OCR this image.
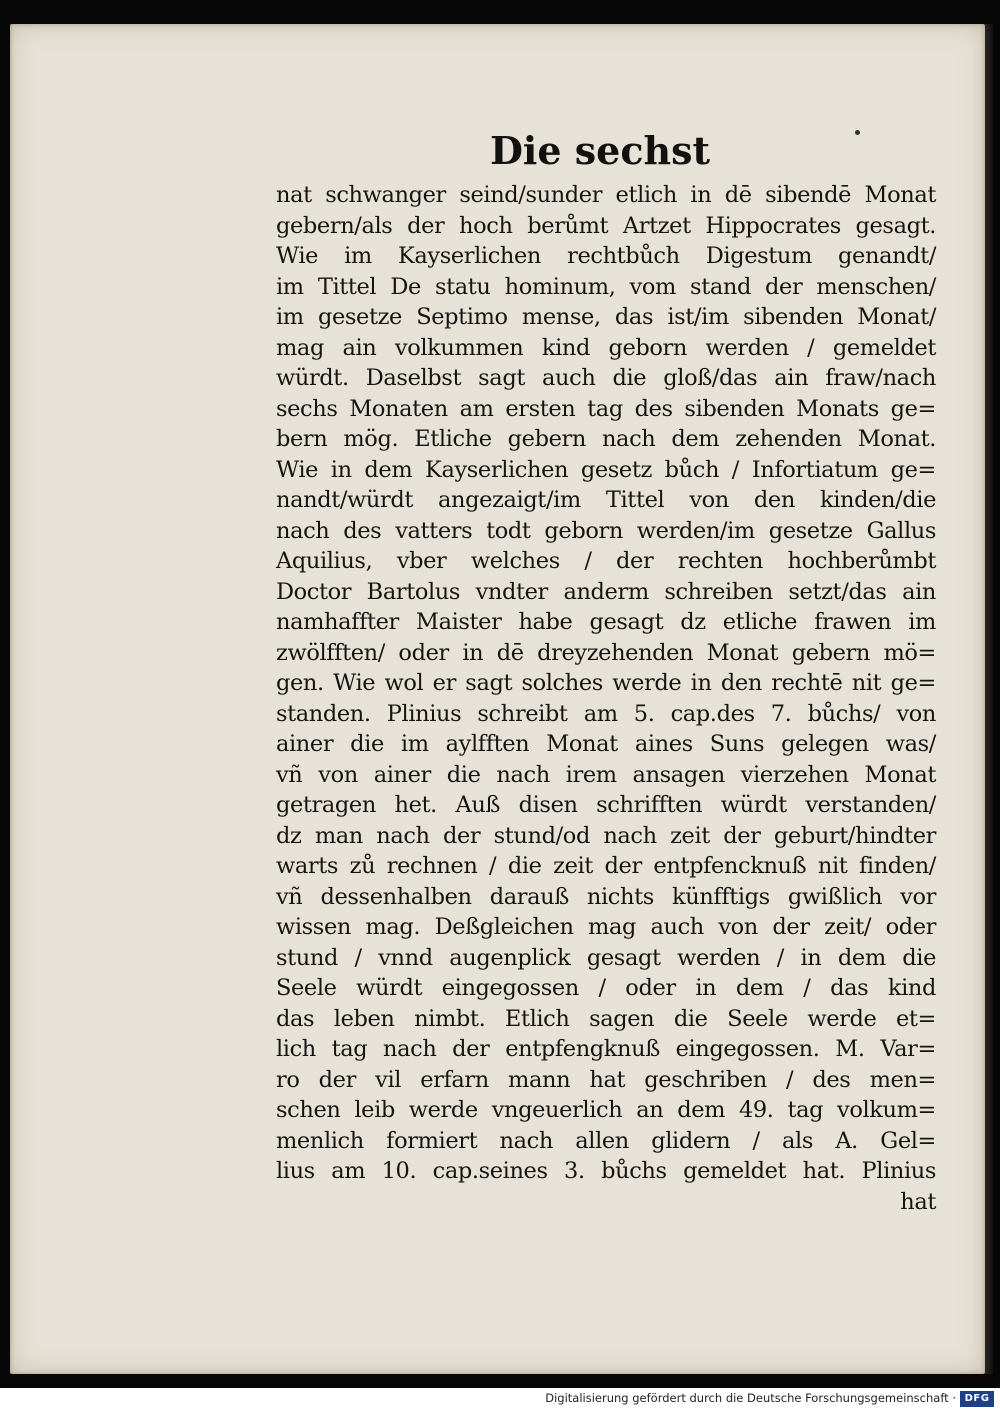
Die sechst
nat schwanger seind/sunder etlich in dē sibendē Monat
gebern/als der hoch berůmt Artzet Hippocrates gesagt.
Wie im Kayserlichen rechtbůch Digestum genandt/
im Tittel De statu hominum, vom stand der menschen/
im gesetze Septimo mense, das ist/im sibenden Monat/
mag ain volkummen kind geborn werden / gemeldet
würdt. Daselbst sagt auch die gloß/das ain fraw/nach
sechs Monaten am ersten tag des sibenden Monats ge=
bern mög. Etliche gebern nach dem zehenden Monat.
Wie in dem Kayserlichen gesetz bůch / Infortiatum ge=
nandt/würdt angezaigt/im Tittel von den kinden/die
nach des vatters todt geborn werden/im gesetze Gallus
Aquilius, vber welches / der rechten hochberůmbt
Doctor Bartolus vndter anderm schreiben setzt/das ain
namhaffter Maister habe gesagt dz etliche frawen im
zwölfften/ oder in dē dreyzehenden Monat gebern mö=
gen. Wie wol er sagt solches werde in den rechtē nit ge=
standen. Plinius schreibt am 5. cap.des 7. bůchs/ von
ainer die im aylfften Monat aines Suns gelegen was/
vñ von ainer die nach irem ansagen vierzehen Monat
getragen het. Auß disen schrifften würdt verstanden/
dz man nach der stund/od nach zeit der geburt/hindter
warts zů rechnen / die zeit der entpfencknuß nit finden/
vñ dessenhalben darauß nichts künfftigs gwißlich vor
wissen mag. Deßgleichen mag auch von der zeit/ oder
stund / vnnd augenplick gesagt werden / in dem die
Seele würdt eingegossen / oder in dem / das kind
das leben nimbt. Etlich sagen die Seele werde et=
lich tag nach der entpfengknuß eingegossen. M. Var=
ro der vil erfarn mann hat geschriben / des men=
schen leib werde vngeuerlich an dem 49. tag volkum=
menlich formiert nach allen glidern / als A. Gel=
lius am 10. cap.seines 3. bůchs gemeldet hat. Plinius
hat
Digitalisierung gefördert durch die Deutsche Forschungsgemeinschaft · DFG
